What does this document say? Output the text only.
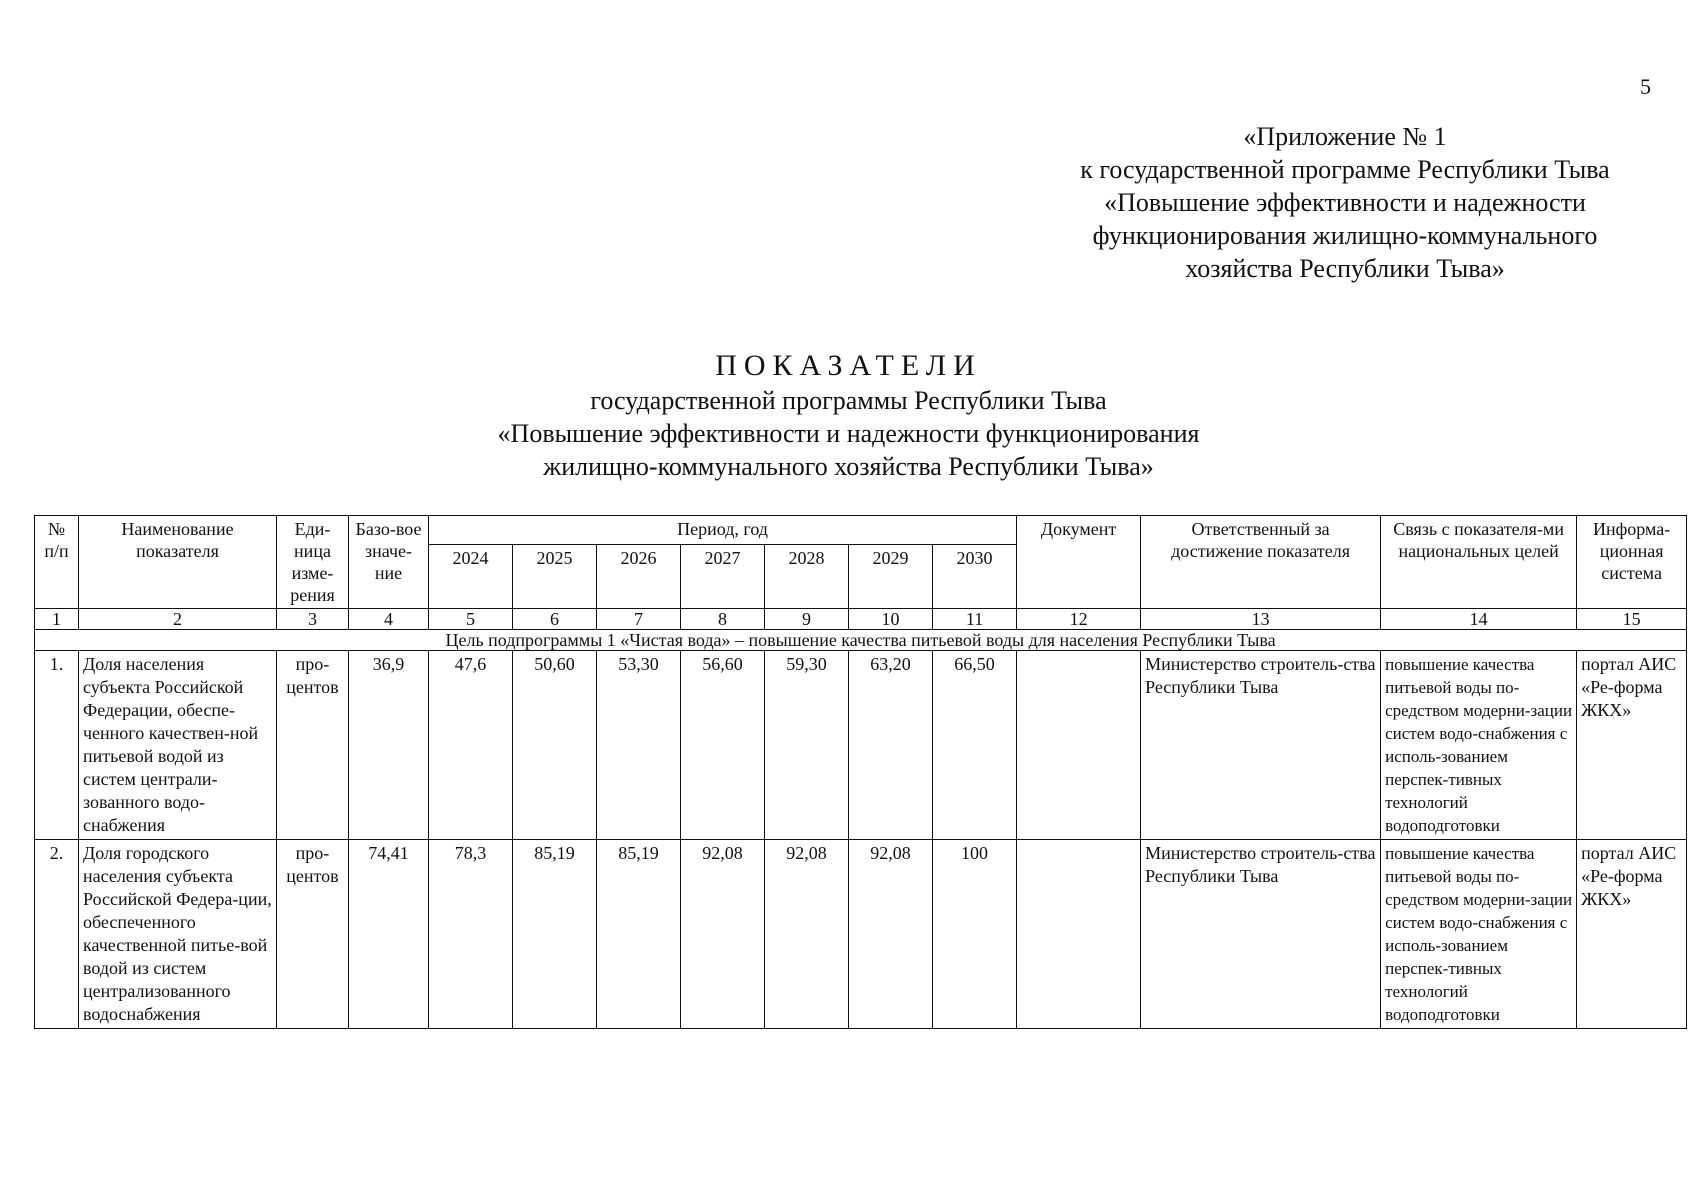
5
«Приложение № 1
к государственной программе Республики Тыва
«Повышение эффективности и надежности
функционирования жилищно-коммунального
хозяйства Республики Тыва»
ПОКАЗАТЕЛИ
государственной программы Республики Тыва
«Повышение эффективности и надежности функционирования
жилищно-коммунального хозяйства Республики Тыва»
№ п/п	Наименование показателя	Еди-ница изме-рения	Базо-вое значе-ние	Период, год							Документ	Ответственный за достижение показателя	Связь с показателя-ми национальных целей	Информа-ционная система
				2024	2025	2026	2027	2028	2029	2030				
1	2	3	4	5	6	7	8	9	10	11	12	13	14	15
Цель подпрограммы 1 «Чистая вода» – повышение качества питьевой воды для населения Республики Тыва														
1.	Доля населения субъекта Российской Федерации, обеспе-ченного качествен-ной питьевой водой из систем централи-зованного водо-снабжения	про-центов	36,9	47,6	50,60	53,30	56,60	59,30	63,20	66,50		Министерство строитель-ства Республики Тыва	повышение качества питьевой воды по-средством модерни-зации систем водо-снабжения с исполь-зованием перспек-тивных технологий водоподготовки	портал АИС «Ре-форма ЖКХ»
2.	Доля городского населения субъекта Российской Федера-ции, обеспеченного качественной питье-вой водой из систем централизованного водоснабжения	про-центов	74,41	78,3	85,19	85,19	92,08	92,08	92,08	100		Министерство строитель-ства Республики Тыва	повышение качества питьевой воды по-средством модерни-зации систем водо-снабжения с исполь-зованием перспек-тивных технологий водоподготовки	портал АИС «Ре-форма ЖКХ»
